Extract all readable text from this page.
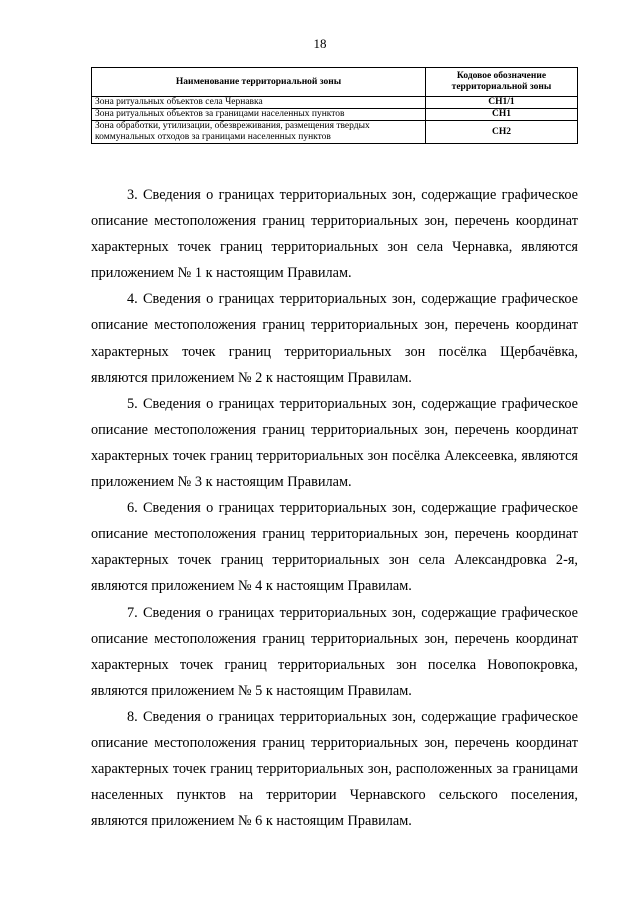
18
Наименование территориальной зоны	Кодовое обозначение территориальной зоны
Зона ритуальных объектов села Чернавка	СН1/1
Зона ритуальных объектов за границами населенных пунктов	СН1
Зона обработки, утилизации, обезвреживания, размещения твердых коммунальных отходов за границами населенных пунктов	СН2

3. Сведения о границах территориальных зон, содержащие графическое описание местоположения границ территориальных зон, перечень координат характерных точек границ территориальных зон села Чернавка, являются приложением № 1 к настоящим Правилам.

4. Сведения о границах территориальных зон, содержащие графическое описание местоположения границ территориальных зон, перечень координат характерных точек границ территориальных зон посёлка Щербачёвка, являются приложением № 2 к настоящим Правилам.

5. Сведения о границах территориальных зон, содержащие графическое описание местоположения границ территориальных зон, перечень координат характерных точек границ территориальных зон посёлка Алексеевка, являются приложением № 3 к настоящим Правилам.

6. Сведения о границах территориальных зон, содержащие графическое описание местоположения границ территориальных зон, перечень координат характерных точек границ территориальных зон села Александровка 2-я, являются приложением № 4 к настоящим Правилам.

7. Сведения о границах территориальных зон, содержащие графическое описание местоположения границ территориальных зон, перечень координат характерных точек границ территориальных зон поселка Новопокровка, являются приложением № 5 к настоящим Правилам.

8. Сведения о границах территориальных зон, содержащие графическое описание местоположения границ территориальных зон, перечень координат характерных точек границ территориальных зон, расположенных за границами населенных пунктов на территории Чернавского сельского поселения, являются приложением № 6 к настоящим Правилам.
